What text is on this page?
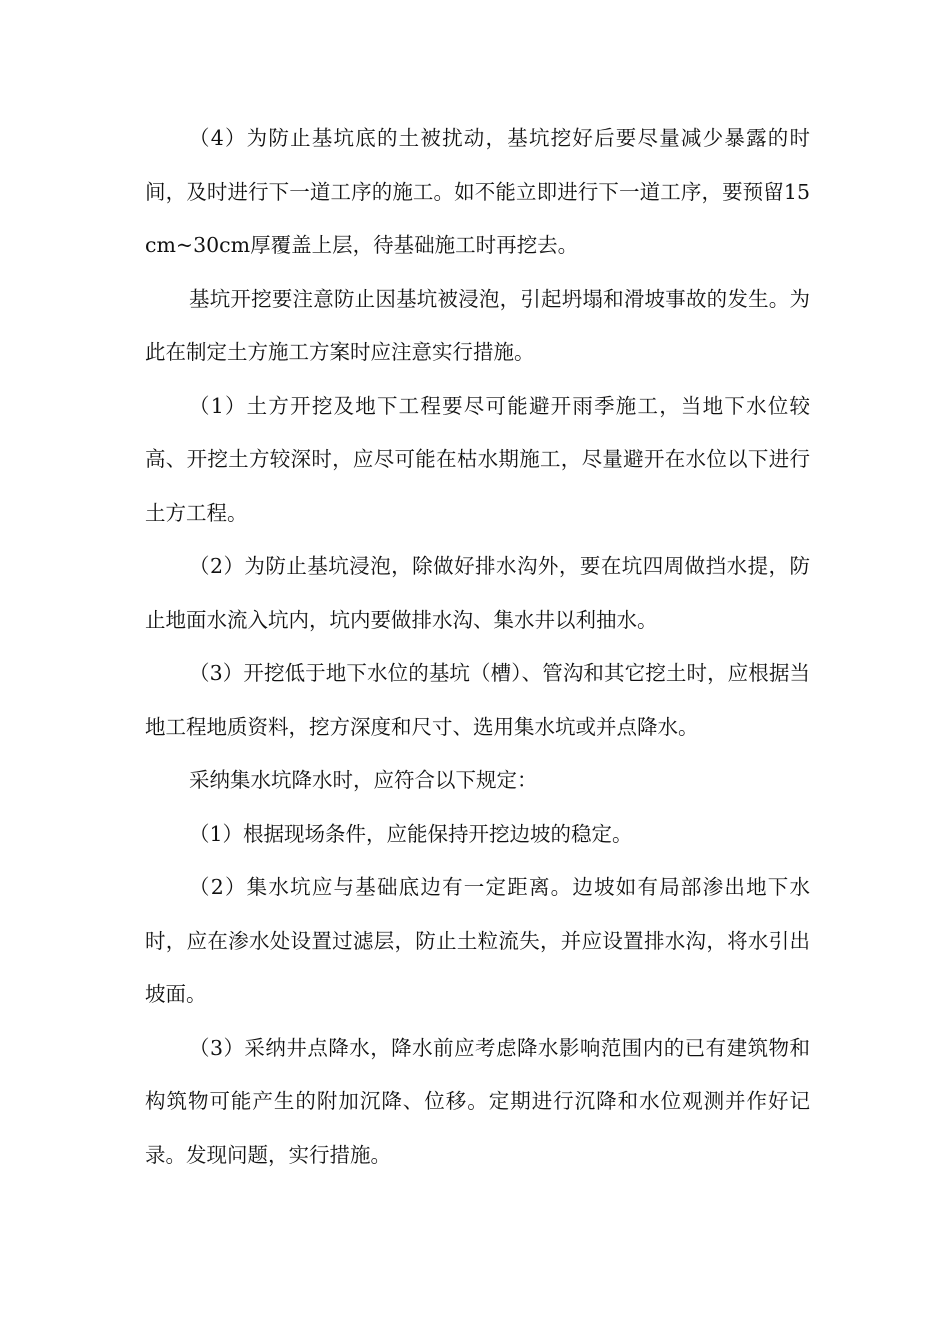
（4）为防止基坑底的土被扰动，基坑挖好后要尽量减少暴露的时间，及时进行下一道工序的施工。如不能立即进行下一道工序，要预留15cm~30cm厚覆盖上层，待基础施工时再挖去。

基坑开挖要注意防止因基坑被浸泡，引起坍塌和滑坡事故的发生。为此在制定土方施工方案时应注意实行措施。

（1）土方开挖及地下工程要尽可能避开雨季施工，当地下水位较高、开挖土方较深时，应尽可能在枯水期施工，尽量避开在水位以下进行土方工程。

（2）为防止基坑浸泡，除做好排水沟外，要在坑四周做挡水提，防止地面水流入坑内，坑内要做排水沟、集水井以利抽水。

（3）开挖低于地下水位的基坑（槽）、管沟和其它挖土时，应根据当地工程地质资料，挖方深度和尺寸、选用集水坑或并点降水。

采纳集水坑降水时，应符合以下规定：

（1）根据现场条件，应能保持开挖边坡的稳定。

（2）集水坑应与基础底边有一定距离。边坡如有局部渗出地下水时，应在渗水处设置过滤层，防止土粒流失，并应设置排水沟，将水引出坡面。

（3）采纳井点降水，降水前应考虑降水影响范围内的已有建筑物和构筑物可能产生的附加沉降、位移。定期进行沉降和水位观测并作好记录。发现问题，实行措施。
